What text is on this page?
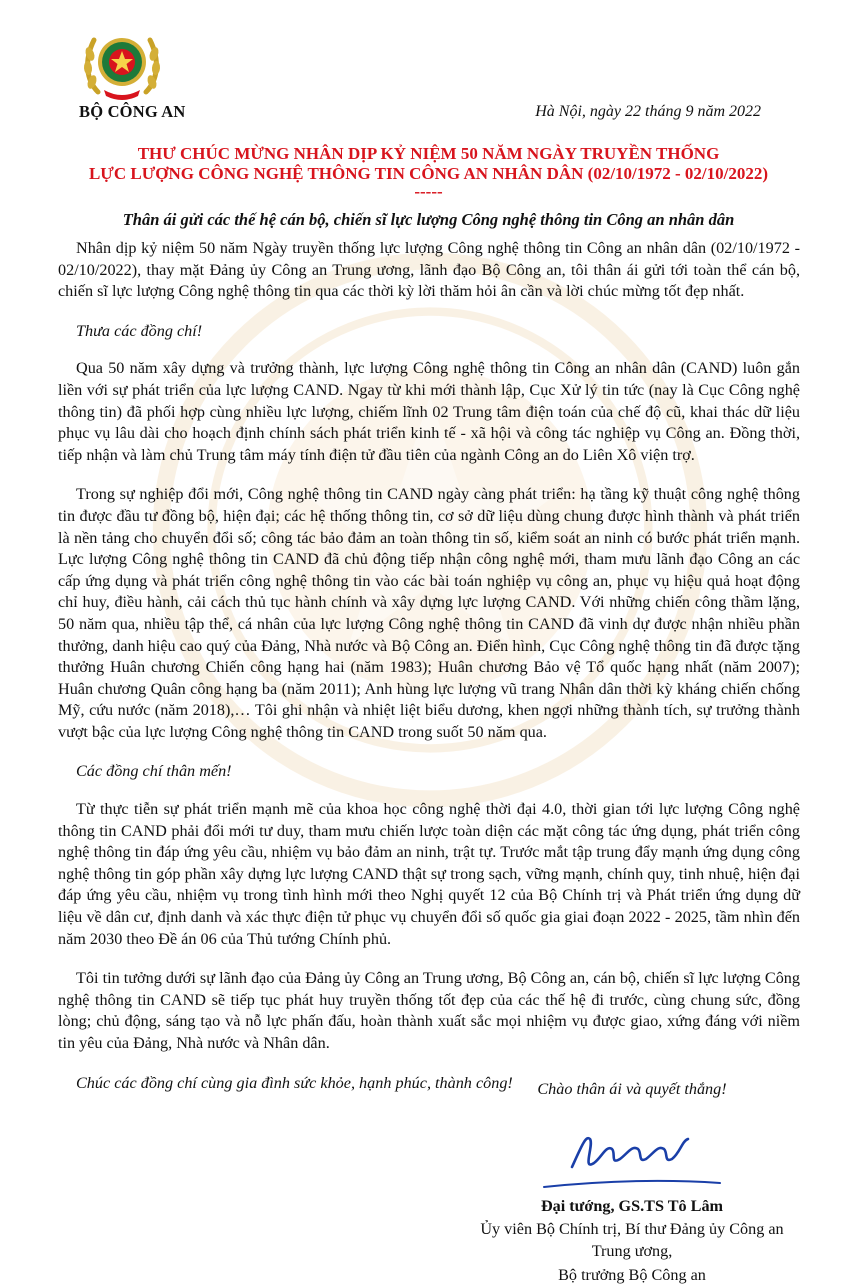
BỘ CÔNG AN	Hà Nội, ngày 22 tháng 9 năm 2022

THƯ CHÚC MỪNG NHÂN DỊP KỶ NIỆM 50 NĂM NGÀY TRUYỀN THỐNG

LỰC LƯỢNG CÔNG NGHỆ THÔNG TIN CÔNG AN NHÂN DÂN (02/10/1972 - 02/10/2022)

-----

Thân ái gửi các thế hệ cán bộ, chiến sĩ lực lượng Công nghệ thông tin Công an nhân dân

Nhân dịp kỷ niệm 50 năm Ngày truyền thống lực lượng Công nghệ thông tin Công an nhân dân (02/10/1972 - 02/10/2022), thay mặt Đảng ủy Công an Trung ương, lãnh đạo Bộ Công an, tôi thân ái gửi tới toàn thể cán bộ, chiến sĩ lực lượng Công nghệ thông tin qua các thời kỳ lời thăm hỏi ân cần và lời chúc mừng tốt đẹp nhất.

Thưa các đồng chí!

Qua 50 năm xây dựng và trưởng thành, lực lượng Công nghệ thông tin Công an nhân dân (CAND) luôn gắn liền với sự phát triển của lực lượng CAND. Ngay từ khi mới thành lập, Cục Xử lý tin tức (nay là Cục Công nghệ thông tin) đã phối hợp cùng nhiều lực lượng, chiếm lĩnh 02 Trung tâm điện toán của chế độ cũ, khai thác dữ liệu phục vụ lâu dài cho hoạch định chính sách phát triển kinh tế - xã hội và công tác nghiệp vụ Công an. Đồng thời, tiếp nhận và làm chủ Trung tâm máy tính điện tử đầu tiên của ngành Công an do Liên Xô viện trợ.

Trong sự nghiệp đổi mới, Công nghệ thông tin CAND ngày càng phát triển: hạ tầng kỹ thuật công nghệ thông tin được đầu tư đồng bộ, hiện đại; các hệ thống thông tin, cơ sở dữ liệu dùng chung được hình thành và phát triển là nền tảng cho chuyển đổi số; công tác bảo đảm an toàn thông tin số, kiểm soát an ninh có bước phát triển mạnh. Lực lượng Công nghệ thông tin CAND đã chủ động tiếp nhận công nghệ mới, tham mưu lãnh đạo Công an các cấp ứng dụng và phát triển công nghệ thông tin vào các bài toán nghiệp vụ công an, phục vụ hiệu quả hoạt động chỉ huy, điều hành, cải cách thủ tục hành chính và xây dựng lực lượng CAND. Với những chiến công thầm lặng, 50 năm qua, nhiều tập thể, cá nhân của lực lượng Công nghệ thông tin CAND đã vinh dự được nhận nhiều phần thưởng, danh hiệu cao quý của Đảng, Nhà nước và Bộ Công an. Điển hình, Cục Công nghệ thông tin đã được tặng thưởng Huân chương Chiến công hạng hai (năm 1983); Huân chương Bảo vệ Tổ quốc hạng nhất (năm 2007); Huân chương Quân công hạng ba (năm 2011); Anh hùng lực lượng vũ trang Nhân dân thời kỳ kháng chiến chống Mỹ, cứu nước (năm 2018),… Tôi ghi nhận và nhiệt liệt biểu dương, khen ngợi những thành tích, sự trưởng thành vượt bậc của lực lượng Công nghệ thông tin CAND trong suốt 50 năm qua.

Các đồng chí thân mến!

Từ thực tiễn sự phát triển mạnh mẽ của khoa học công nghệ thời đại 4.0, thời gian tới lực lượng Công nghệ thông tin CAND phải đổi mới tư duy, tham mưu chiến lược toàn diện các mặt công tác ứng dụng, phát triển công nghệ thông tin đáp ứng yêu cầu, nhiệm vụ bảo đảm an ninh, trật tự. Trước mắt tập trung đẩy mạnh ứng dụng công nghệ thông tin góp phần xây dựng lực lượng CAND thật sự trong sạch, vững mạnh, chính quy, tinh nhuệ, hiện đại đáp ứng yêu cầu, nhiệm vụ trong tình hình mới theo Nghị quyết 12 của Bộ Chính trị và Phát triển ứng dụng dữ liệu về dân cư, định danh và xác thực điện tử phục vụ chuyển đổi số quốc gia giai đoạn 2022 - 2025, tầm nhìn đến năm 2030 theo Đề án 06 của Thủ tướng Chính phủ.

Tôi tin tưởng dưới sự lãnh đạo của Đảng ủy Công an Trung ương, Bộ Công an, cán bộ, chiến sĩ lực lượng Công nghệ thông tin CAND sẽ tiếp tục phát huy truyền thống tốt đẹp của các thế hệ đi trước, cùng chung sức, đồng lòng; chủ động, sáng tạo và nỗ lực phấn đấu, hoàn thành xuất sắc mọi nhiệm vụ được giao, xứng đáng với niềm tin yêu của Đảng, Nhà nước và Nhân dân.

Chúc các đồng chí cùng gia đình sức khỏe, hạnh phúc, thành công!	Chào thân ái và quyết thắng!

Đại tướng, GS.TS Tô Lâm

Ủy viên Bộ Chính trị, Bí thư Đảng ủy Công an Trung ương,

Bộ trưởng Bộ Công an
